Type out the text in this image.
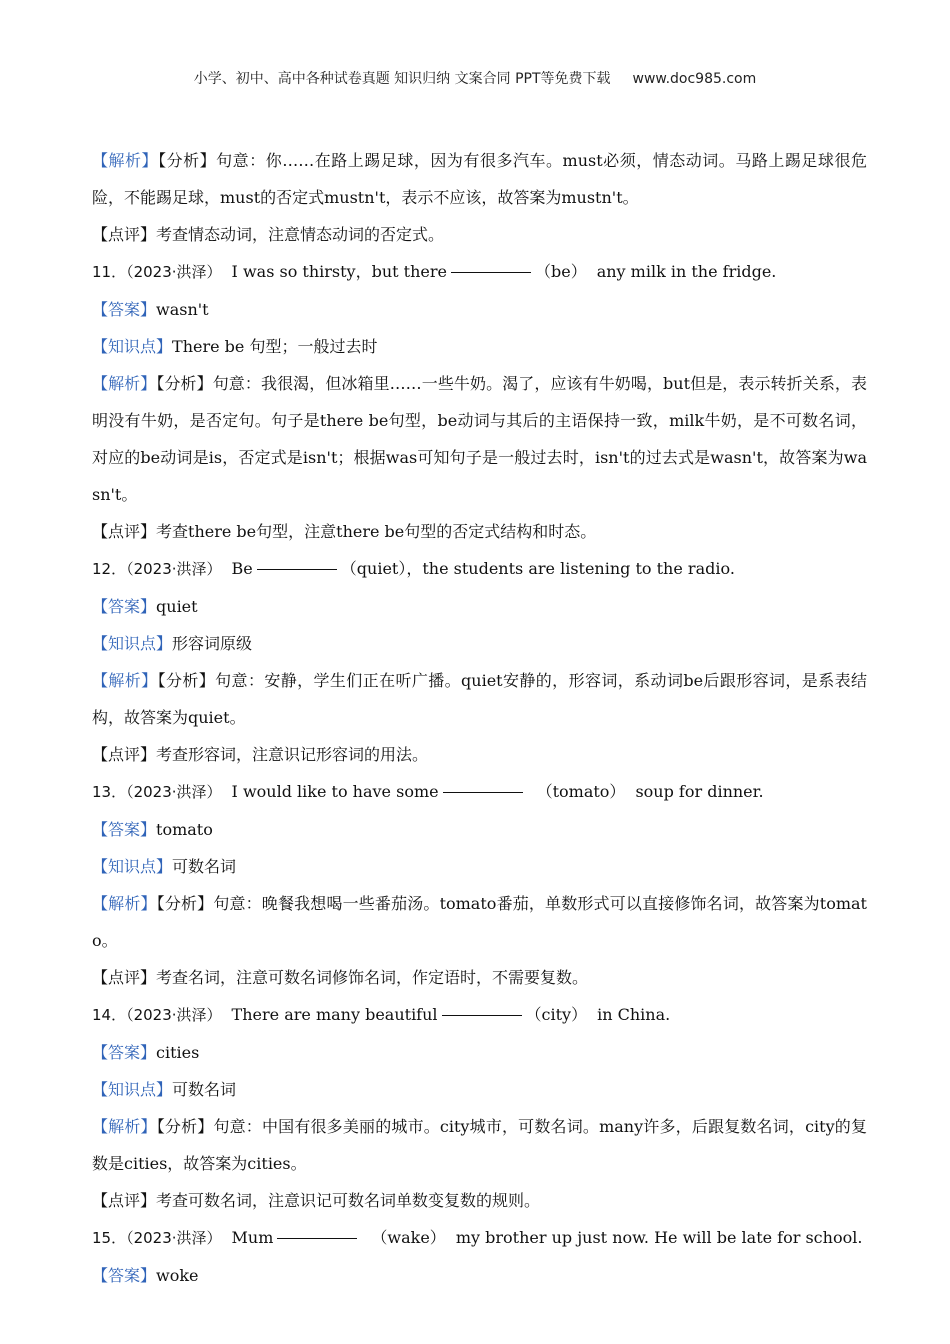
小学、初中、高中各种试卷真题 知识归纳 文案合同 PPT等免费下载 www.doc985.com
【解析】【分析】句意：你……在路上踢足球，因为有很多汽车。must必须，情态动词。马路上踢足球很危险，不能踢足球，must的否定式mustn't，表示不应该，故答案为mustn't。
【点评】考查情态动词，注意情态动词的否定式。
11．（2023·洪泽） I was so thirsty，but there	（be） any milk in the fridge.
【答案】wasn't
【知识点】There be 句型；一般过去时
【解析】【分析】句意：我很渴，但冰箱里……一些牛奶。渴了，应该有牛奶喝，but但是，表示转折关系，表明没有牛奶，是否定句。句子是there be句型，be动词与其后的主语保持一致，milk牛奶，是不可数名词，对应的be动词是is，否定式是isn't；根据was可知句子是一般过去时，isn't的过去式是wasn't，故答案为wasn't。
【点评】考查there be句型，注意there be句型的否定式结构和时态。
12．（2023·洪泽） Be	（quiet），the students are listening to the radio.
【答案】quiet
【知识点】形容词原级
【解析】【分析】句意：安静，学生们正在听广播。quiet安静的，形容词，系动词be后跟形容词，是系表结构，故答案为quiet。
【点评】考查形容词，注意识记形容词的用法。
13．（2023·洪泽） I would like to have some	（tomato） soup for dinner.
【答案】tomato
【知识点】可数名词
【解析】【分析】句意：晚餐我想喝一些番茄汤。tomato番茄，单数形式可以直接修饰名词，故答案为tomato。
【点评】考查名词，注意可数名词修饰名词，作定语时，不需要复数。
14．（2023·洪泽） There are many beautiful	（city） in China.
【答案】cities
【知识点】可数名词
【解析】【分析】句意：中国有很多美丽的城市。city城市，可数名词。many许多，后跟复数名词，city的复数是cities，故答案为cities。
【点评】考查可数名词，注意识记可数名词单数变复数的规则。
15．（2023·洪泽） Mum	（wake） my brother up just now. He will be late for school.
【答案】woke
